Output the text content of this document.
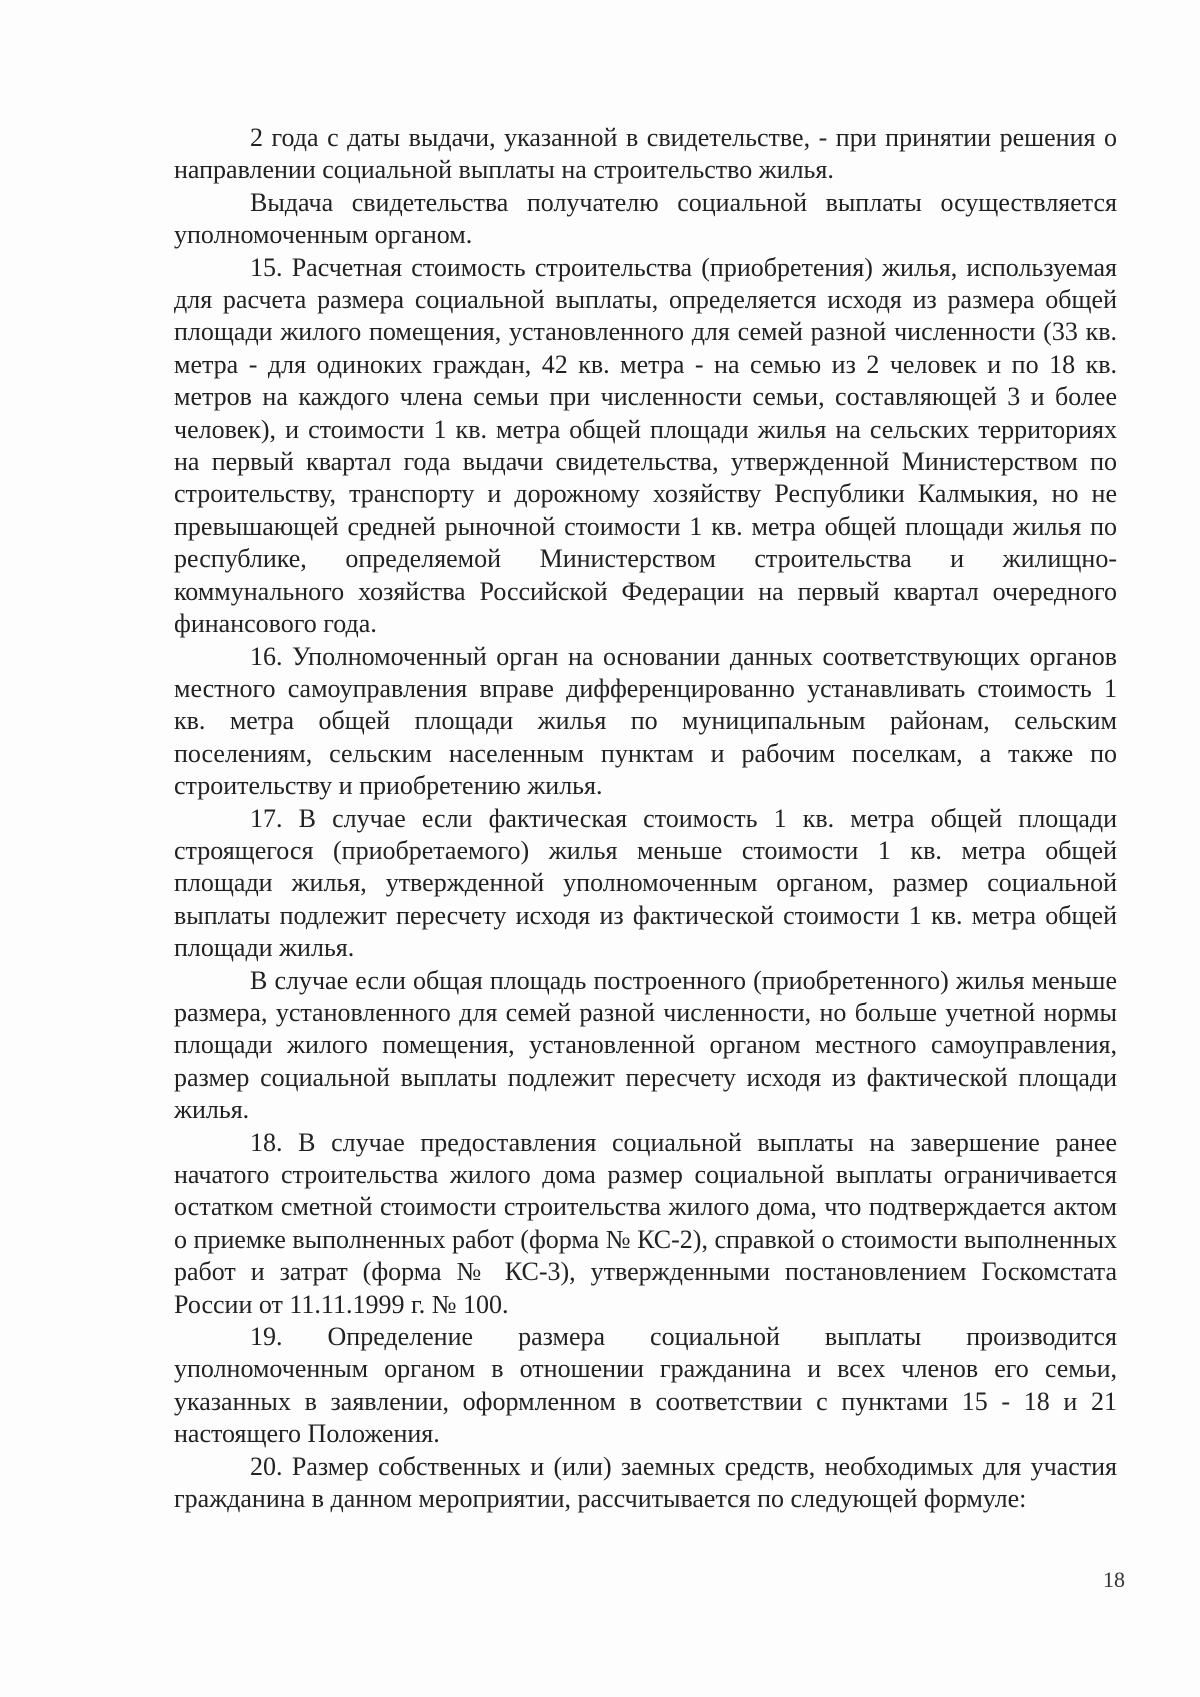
2 года с даты выдачи, указанной в свидетельстве, - при принятии решения о направлении социальной выплаты на строительство жилья.

Выдача свидетельства получателю социальной выплаты осуществляется уполномоченным органом.

15. Расчетная стоимость строительства (приобретения) жилья, используемая для расчета размера социальной выплаты, определяется исходя из размера общей площади жилого помещения, установленного для семей разной численности (33 кв. метра - для одиноких граждан, 42 кв. метра - на семью из 2 человек и по 18 кв. метров на каждого члена семьи при численности семьи, составляющей 3 и более человек), и стоимости 1 кв. метра общей площади жилья на сельских территориях на первый квартал года выдачи свидетельства, утвержденной Министерством по строительству, транспорту и дорожному хозяйству Республики Калмыкия, но не превышающей средней рыночной стоимости 1 кв. метра общей площади жилья по республике, определяемой Министерством строительства и жилищно-коммунального хозяйства Российской Федерации на первый квартал очередного финансового года.

16. Уполномоченный орган на основании данных соответствующих органов местного самоуправления вправе дифференцированно устанавливать стоимость 1 кв. метра общей площади жилья по муниципальным районам, сельским поселениям, сельским населенным пунктам и рабочим поселкам, а также по строительству и приобретению жилья.

17. В случае если фактическая стоимость 1 кв. метра общей площади строящегося (приобретаемого) жилья меньше стоимости 1 кв. метра общей площади жилья, утвержденной уполномоченным органом, размер социальной выплаты подлежит пересчету исходя из фактической стоимости 1 кв. метра общей площади жилья.

В случае если общая площадь построенного (приобретенного) жилья меньше размера, установленного для семей разной численности, но больше учетной нормы площади жилого помещения, установленной органом местного самоуправления, размер социальной выплаты подлежит пересчету исходя из фактической площади жилья.

18. В случае предоставления социальной выплаты на завершение ранее начатого строительства жилого дома размер социальной выплаты ограничивается остатком сметной стоимости строительства жилого дома, что подтверждается актом о приемке выполненных работ (форма № КС-2), справкой о стоимости выполненных работ и затрат (форма № КС-3), утвержденными постановлением Госкомстата России от 11.11.1999 г. № 100.

19. Определение размера социальной выплаты производится уполномоченным органом в отношении гражданина и всех членов его семьи, указанных в заявлении, оформленном в соответствии с пунктами 15 - 18 и 21 настоящего Положения.

20. Размер собственных и (или) заемных средств, необходимых для участия гражданина в данном мероприятии, рассчитывается по следующей формуле:

18
